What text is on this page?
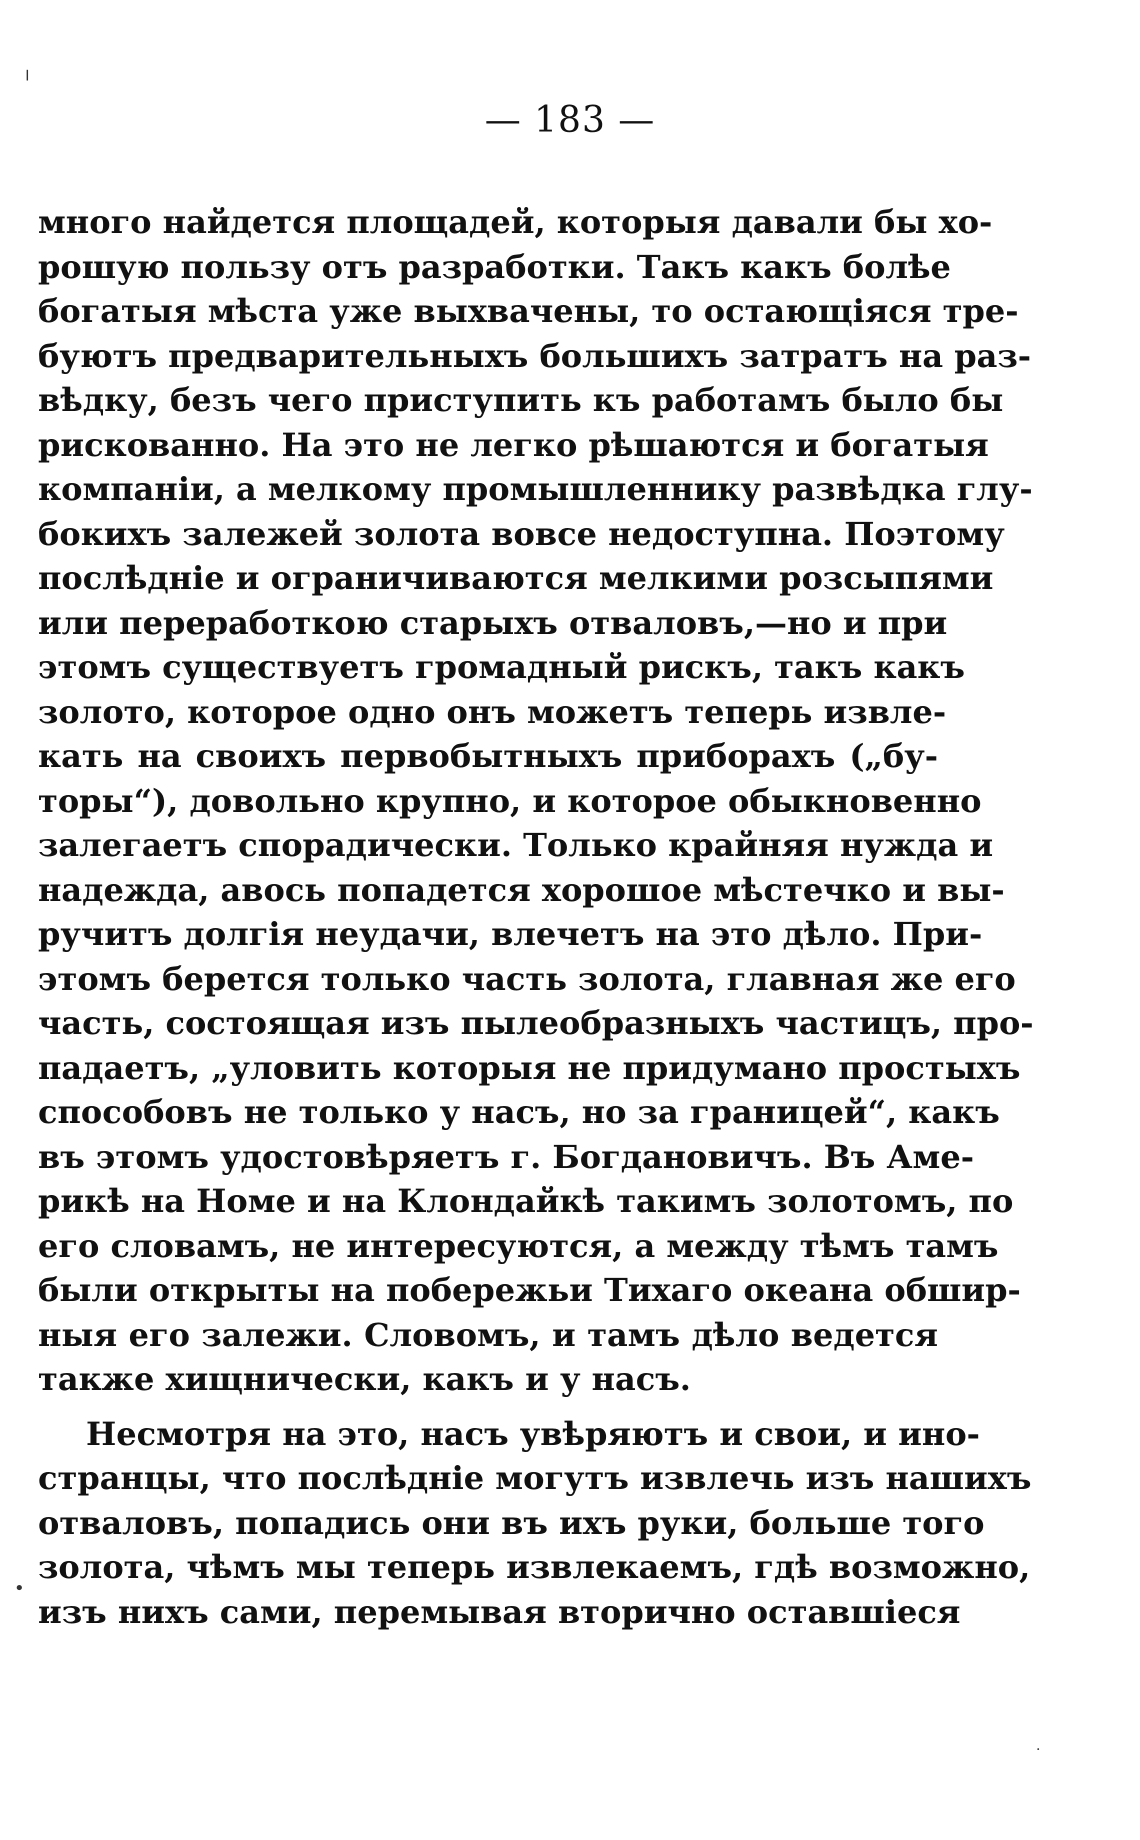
╷
•
·
— 183 —
много найдется площадей, которыя давали бы хо-
рошую пользу отъ разработки. Такъ какъ болѣе
богатыя мѣста уже выхвачены, то остающіяся тре-
буютъ предварительныхъ большихъ затратъ на раз-
вѣдку, безъ чего приступить къ работамъ было бы
рискованно. На это не легко рѣшаются и богатыя
компаніи, а мелкому промышленнику развѣдка глу-
бокихъ залежей золота вовсе недоступна. Поэтому
послѣдніе и ограничиваются мелкими розсыпями
или переработкою старыхъ отваловъ,—но и при
этомъ существуетъ громадный рискъ, такъ какъ
золото, которое одно онъ можетъ теперь извле-
кать на своихъ первобытныхъ приборахъ („бу-
торы“), довольно крупно, и которое обыкновенно
залегаетъ спорадически. Только крайняя нужда и
надежда, авось попадется хорошое мѣстечко и вы-
ручитъ долгія неудачи, влечетъ на это дѣло. При-
этомъ берется только часть золота, главная же его
часть, состоящая изъ пылеобразныхъ частицъ, про-
падаетъ, „уловить которыя не придумано простыхъ
способовъ не только у насъ, но за границей“, какъ
въ этомъ удостовѣряетъ г. Богдановичъ. Въ Аме-
рикѣ на Номе и на Клондайкѣ такимъ золотомъ, по
его словамъ, не интересуются, а между тѣмъ тамъ
были открыты на побережьи Тихаго океана обшир-
ныя его залежи. Словомъ, и тамъ дѣло ведется
также хищнически, какъ и у насъ.
Несмотря на это, насъ увѣряютъ и свои, и ино-
странцы, что послѣдніе могутъ извлечь изъ нашихъ
отваловъ, попадись они въ ихъ руки, больше того
золота, чѣмъ мы теперь извлекаемъ, гдѣ возможно,
изъ нихъ сами, перемывая вторично оставшіеся
